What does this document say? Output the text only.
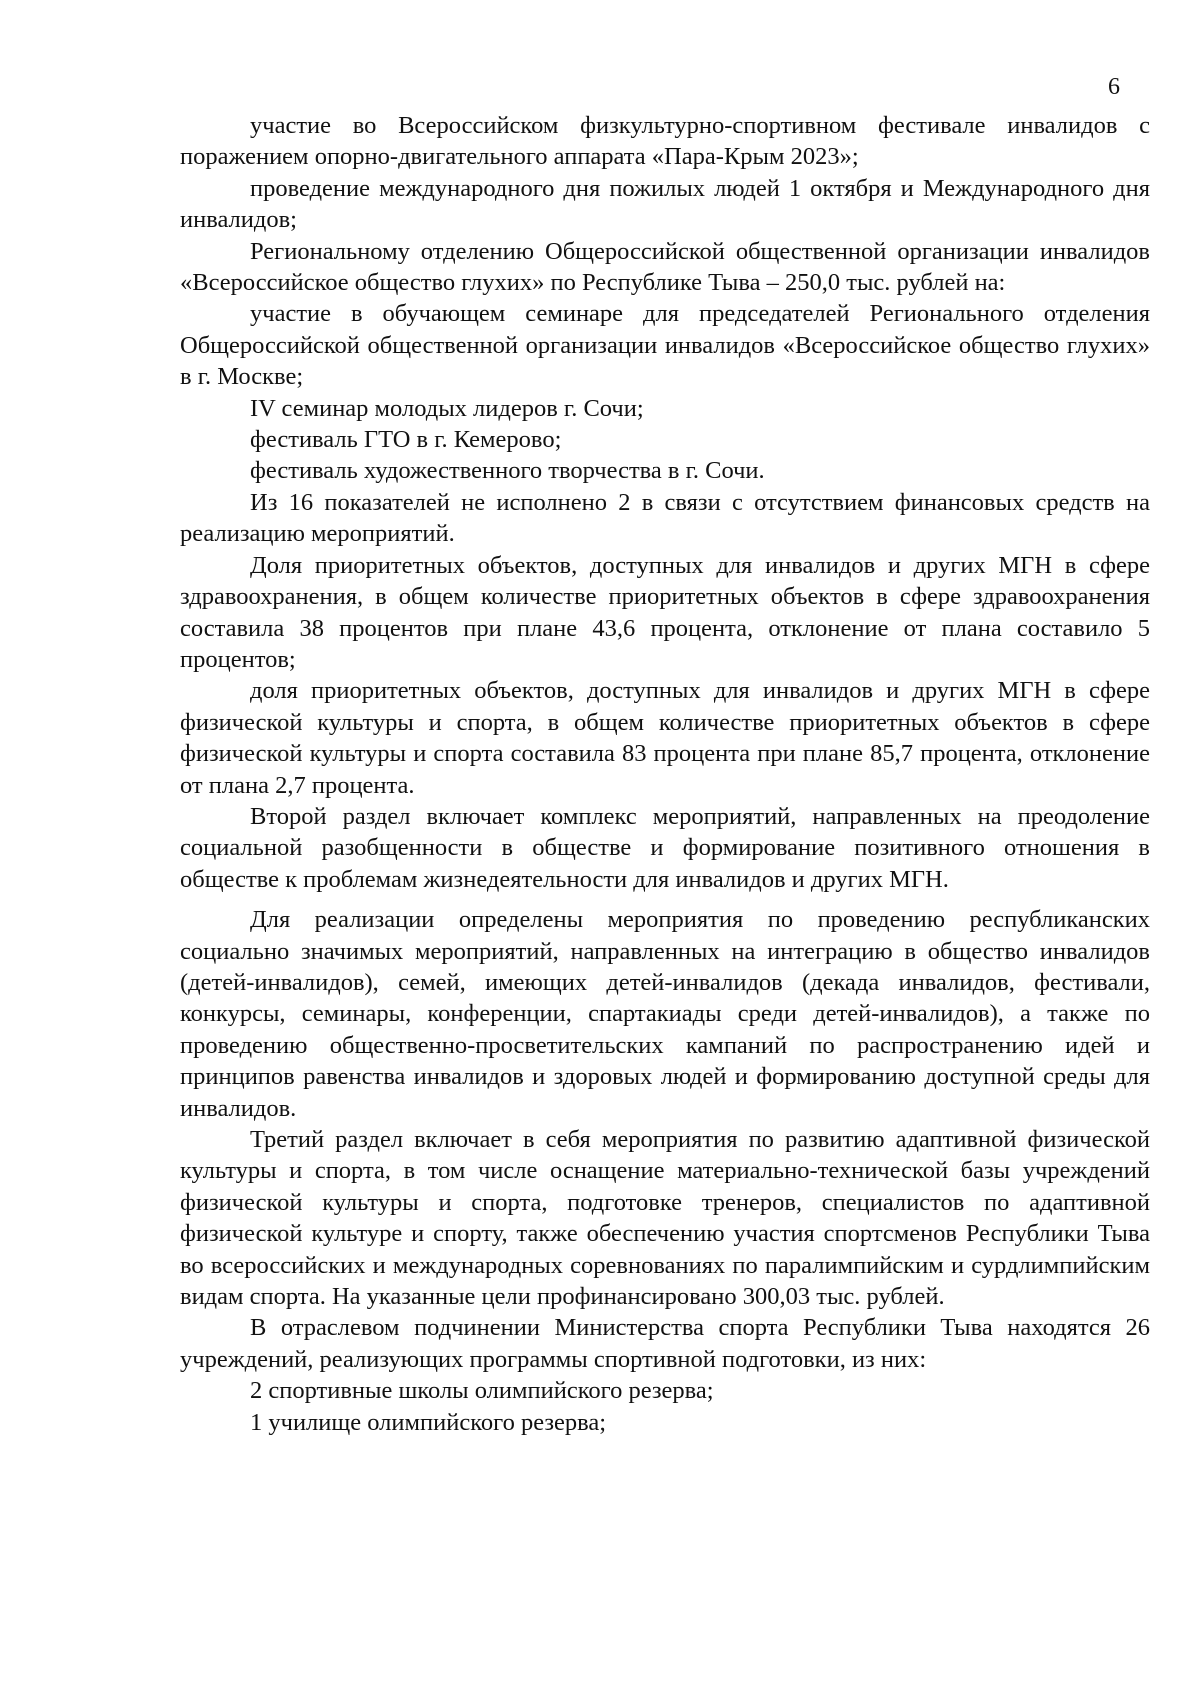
6

участие во Всероссийском физкультурно-спортивном фестивале инвалидов с поражением опорно-двигательного аппарата «Пара-Крым 2023»;

проведение международного дня пожилых людей 1 октября и Международного дня инвалидов;

Региональному отделению Общероссийской общественной организации инвалидов «Всероссийское общество глухих» по Республике Тыва – 250,0 тыс. рублей на:

участие в обучающем семинаре для председателей Регионального отделения Общероссийской общественной организации инвалидов «Всероссийское общество глухих» в г. Москве;

IV семинар молодых лидеров г. Сочи;

фестиваль ГТО в г. Кемерово;

фестиваль художественного творчества в г. Сочи.

Из 16 показателей не исполнено 2 в связи с отсутствием финансовых средств на реализацию мероприятий.

Доля приоритетных объектов, доступных для инвалидов и других МГН в сфере здравоохранения, в общем количестве приоритетных объектов в сфере здравоохранения составила 38 процентов при плане 43,6 процента, отклонение от плана составило 5 процентов;

доля приоритетных объектов, доступных для инвалидов и других МГН в сфере физической культуры и спорта, в общем количестве приоритетных объектов в сфере физической культуры и спорта составила 83 процента при плане 85,7 процента, отклонение от плана 2,7 процента.

Второй раздел включает комплекс мероприятий, направленных на преодоление социальной разобщенности в обществе и формирование позитивного отношения в обществе к проблемам жизнедеятельности для инвалидов и других МГН.

Для реализации определены мероприятия по проведению республиканских социально значимых мероприятий, направленных на интеграцию в общество инвалидов (детей-инвалидов), семей, имеющих детей-инвалидов (декада инвалидов, фестивали, конкурсы, семинары, конференции, спартакиады среди детей-инвалидов), а также по проведению общественно-просветительских кампаний по распространению идей и принципов равенства инвалидов и здоровых людей и формированию доступной среды для инвалидов.

Третий раздел включает в себя мероприятия по развитию адаптивной физической культуры и спорта, в том числе оснащение материально-технической базы учреждений физической культуры и спорта, подготовке тренеров, специалистов по адаптивной физической культуре и спорту, также обеспечению участия спортсменов Республики Тыва во всероссийских и международных соревнованиях по паралимпийским и сурдлимпийским видам спорта. На указанные цели профинансировано 300,03 тыс. рублей.

В отраслевом подчинении Министерства спорта Республики Тыва находятся 26 учреждений, реализующих программы спортивной подготовки, из них:

2 спортивные школы олимпийского резерва;

1 училище олимпийского резерва;
